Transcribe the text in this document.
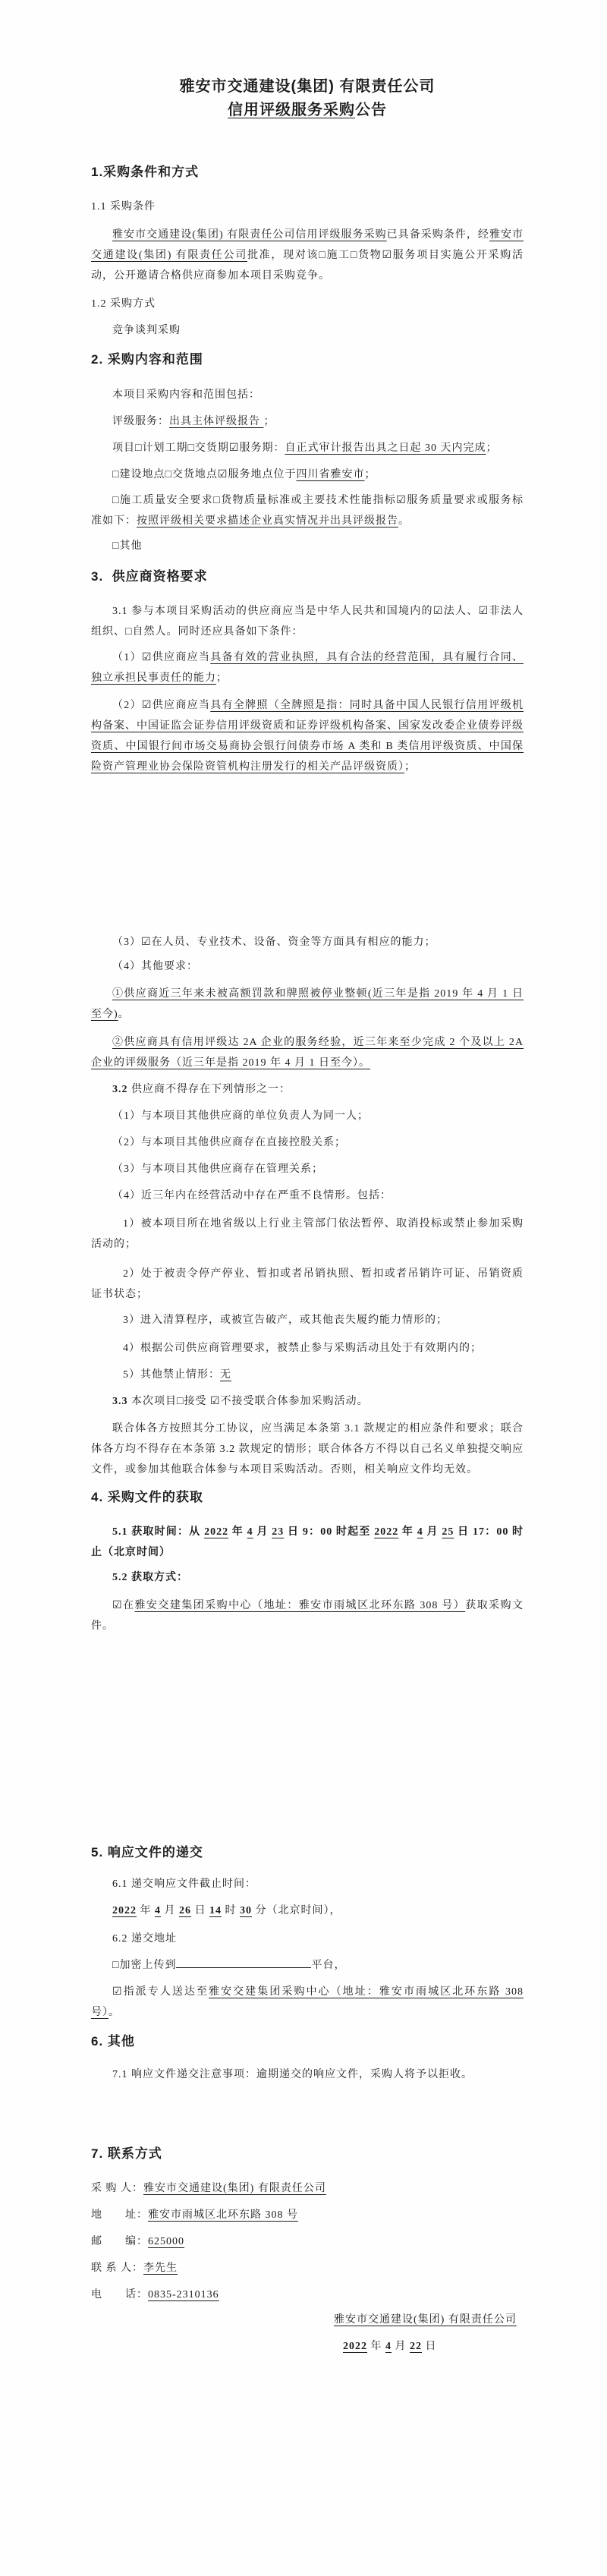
雅安市交通建设(集团) 有限责任公司
信用评级服务采购公告
1.采购条件和方式

1.1 采购条件

雅安市交通建设(集团) 有限责任公司信用评级服务采购已具备采购条件，经雅安市交通建设(集团) 有限责任公司批准，现对该□施工□货物☑服务项目实施公开采购活动，公开邀请合格供应商参加本项目采购竞争。

1.2 采购方式

竞争谈判采购

2. 采购内容和范围

本项目采购内容和范围包括：

评级服务：出具主体评级报告 ；

项目□计划工期□交货期☑服务期：自正式审计报告出具之日起 30 天内完成；

□建设地点□交货地点☑服务地点位于四川省雅安市；

□施工质量安全要求□货物质量标准或主要技术性能指标☑服务质量要求或服务标准如下：按照评级相关要求描述企业真实情况并出具评级报告。

□其他

3.  供应商资格要求

3.1 参与本项目采购活动的供应商应当是中华人民共和国境内的☑法人、☑非法人组织、□自然人。同时还应具备如下条件：

（1）☑供应商应当具备有效的营业执照，具有合法的经营范围，具有履行合同、独立承担民事责任的能力；

（2）☑供应商应当具有全牌照（全牌照是指：同时具备中国人民银行信用评级机构备案、中国证监会证券信用评级资质和证券评级机构备案、国家发改委企业债券评级资质、中国银行间市场交易商协会银行间债券市场 A 类和 B 类信用评级资质、中国保险资产管理业协会保险资管机构注册发行的相关产品评级资质）；

（3）☑在人员、专业技术、设备、资金等方面具有相应的能力；

（4）其他要求：

①供应商近三年来未被高额罚款和牌照被停业整顿(近三年是指 2019 年 4 月 1 日至今)。

②供应商具有信用评级达 2A 企业的服务经验，近三年来至少完成 2 个及以上 2A 企业的评级服务（近三年是指 2019 年 4 月 1 日至今）。

3.2 供应商不得存在下列情形之一：

（1）与本项目其他供应商的单位负责人为同一人；

（2）与本项目其他供应商存在直接控股关系；

（3）与本项目其他供应商存在管理关系；

（4）近三年内在经营活动中存在严重不良情形。包括：

1）被本项目所在地省级以上行业主管部门依法暂停、取消投标或禁止参加采购活动的；

2）处于被责令停产停业、暂扣或者吊销执照、暂扣或者吊销许可证、吊销资质证书状态；

3）进入清算程序，或被宣告破产，或其他丧失履约能力情形的；

4）根据公司供应商管理要求，被禁止参与采购活动且处于有效期内的；

5）其他禁止情形：无

3.3 本次项目□接受 ☑不接受联合体参加采购活动。

联合体各方按照其分工协议，应当满足本条第 3.1 款规定的相应条件和要求；联合体各方均不得存在本条第 3.2 款规定的情形；联合体各方不得以自己名义单独提交响应文件，或参加其他联合体参与本项目采购活动。否则，相关响应文件均无效。

4. 采购文件的获取

5.1 获取时间：从 2022 年 4 月 23 日 9：00 时起至 2022 年 4 月 25 日 17：00 时止（北京时间）

5.2 获取方式：

☑在雅安交建集团采购中心（地址：雅安市雨城区北环东路 308 号）获取采购文件。

5. 响应文件的递交

6.1 递交响应文件截止时间：

2022 年 4 月 26 日 14 时 30 分（北京时间），

6.2 递交地址

□加密上传到	平台，

☑指派专人送达至雅安交建集团采购中心（地址：雅安市雨城区北环东路 308 号）。

6. 其他

7.1 响应文件递交注意事项：逾期递交的响应文件，采购人将予以拒收。

7. 联系方式

采 购 人：雅安市交通建设(集团) 有限责任公司

地　　址：雅安市雨城区北环东路 308 号

邮　　编：625000

联 系 人：李先生

电　　话：0835-2310136

雅安市交通建设(集团) 有限责任公司

2022 年 4 月 22 日
